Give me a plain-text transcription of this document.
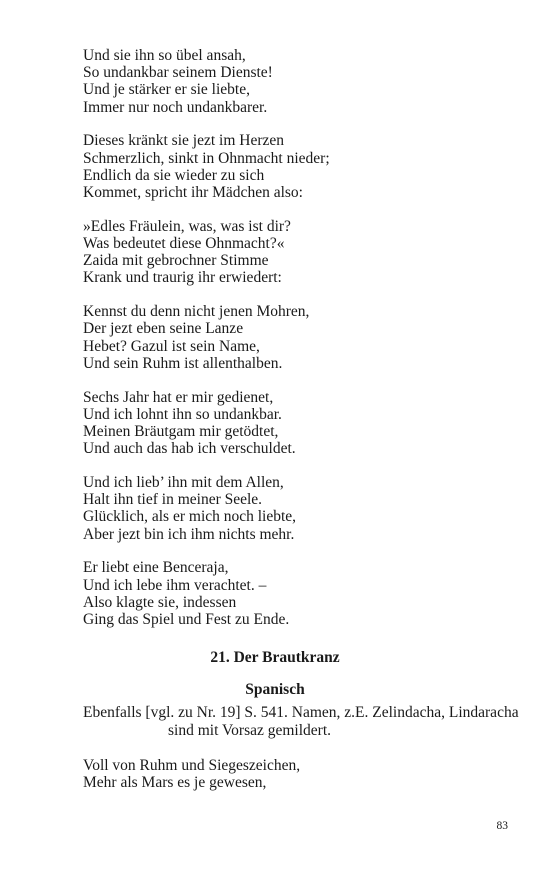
Und sie ihn so übel ansah,
So undankbar seinem Dienste!
Und je stärker er sie liebte,
Immer nur noch undankbarer.
Dieses kränkt sie jezt im Herzen
Schmerzlich, sinkt in Ohnmacht nieder;
Endlich da sie wieder zu sich
Kommet, spricht ihr Mädchen also:
»Edles Fräulein, was, was ist dir?
Was bedeutet diese Ohnmacht?«
Zaida mit gebrochner Stimme
Krank und traurig ihr erwiedert:
Kennst du denn nicht jenen Mohren,
Der jezt eben seine Lanze
Hebet? Gazul ist sein Name,
Und sein Ruhm ist allenthalben.
Sechs Jahr hat er mir gedienet,
Und ich lohnt ihn so undankbar.
Meinen Bräutgam mir getödtet,
Und auch das hab ich verschuldet.
Und ich lieb’ ihn mit dem Allen,
Halt ihn tief in meiner Seele.
Glücklich, als er mich noch liebte,
Aber jezt bin ich ihm nichts mehr.
Er liebt eine Benceraja,
Und ich lebe ihm verachtet. –
Also klagte sie, indessen
Ging das Spiel und Fest zu Ende.
21. Der Brautkranz
Spanisch
Ebenfalls [vgl. zu Nr. 19] S. 541. Namen, z.E. Zelindacha, Lindaracha
sind mit Vorsaz gemildert.
Voll von Ruhm und Siegeszeichen,
Mehr als Mars es je gewesen,
83
